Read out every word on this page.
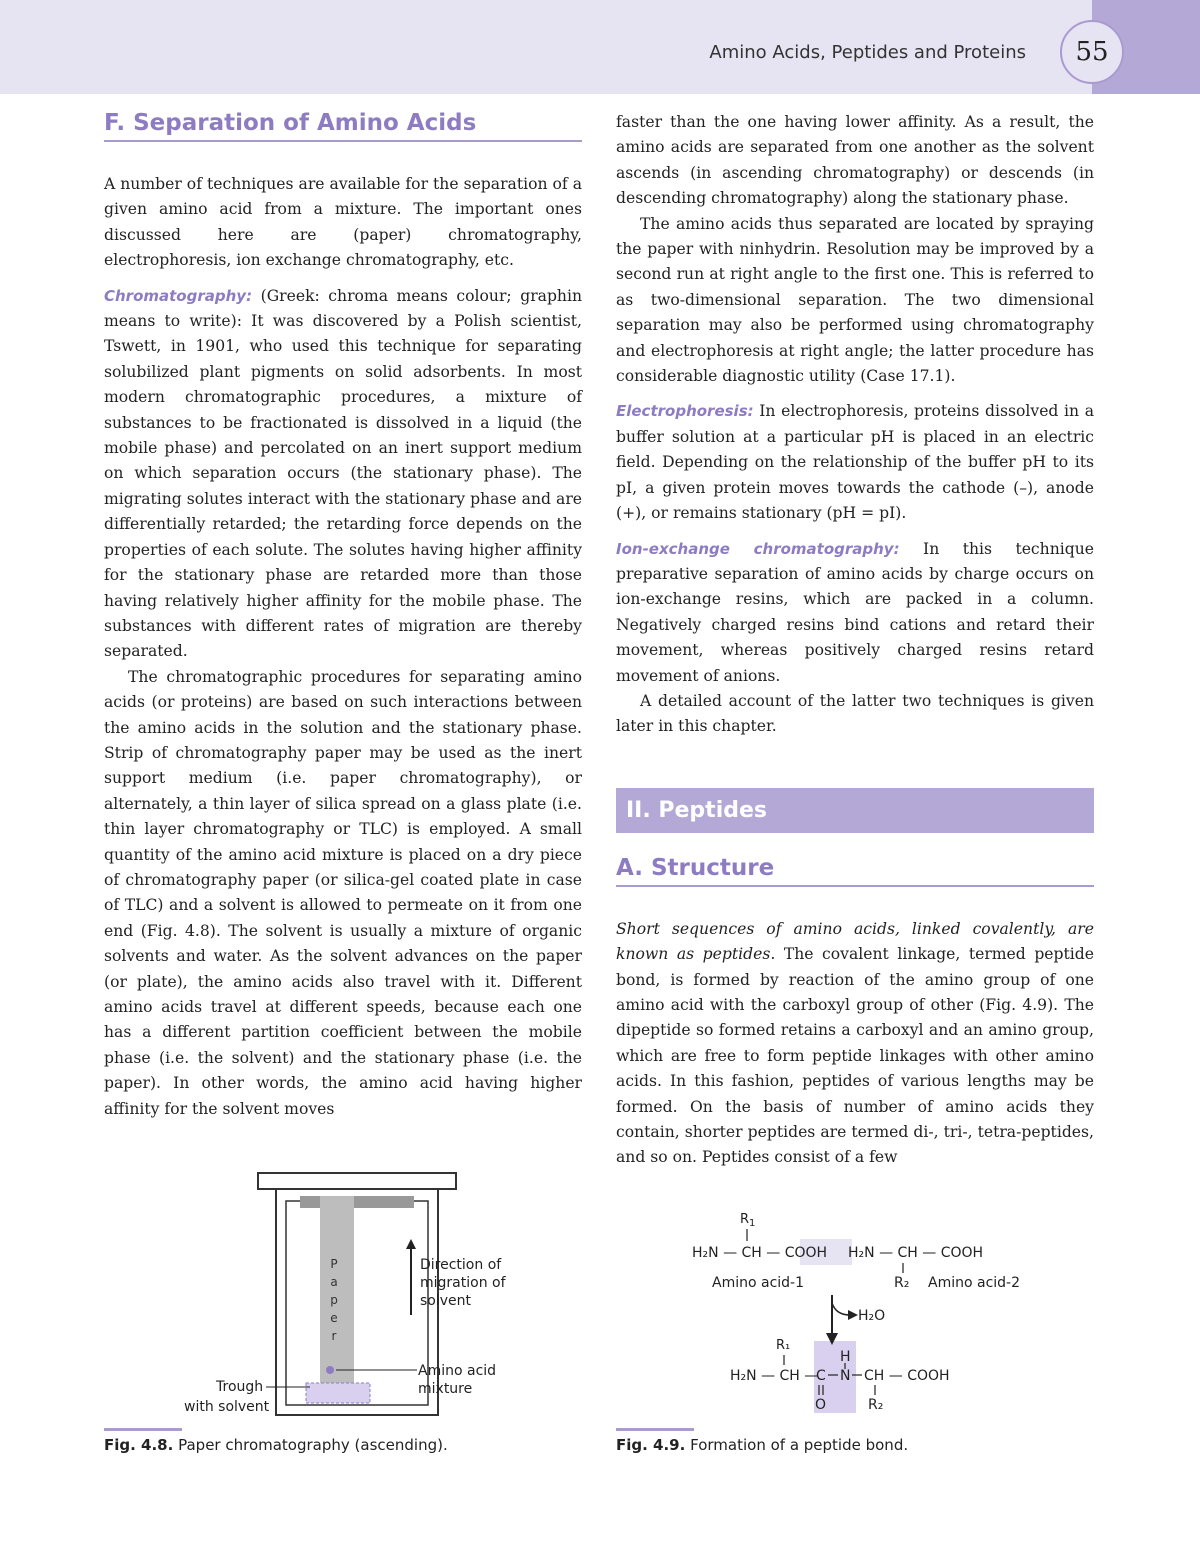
Amino Acids, Peptides and Proteins	55
F. Separation of Amino Acids

A number of techniques are available for the separation of a given amino acid from a mixture. The important ones discussed here are (paper) chromatography, electrophoresis, ion exchange chromatography, etc.

Chromatography: (Greek: chroma means colour; graphin means to write): It was discovered by a Polish scientist, Tswett, in 1901, who used this technique for separating solubilized plant pigments on solid adsorbents. In most modern chromatographic procedures, a mixture of substances to be fractionated is dissolved in a liquid (the mobile phase) and percolated on an inert support medium on which separation occurs (the stationary phase). The migrating solutes interact with the stationary phase and are differentially retarded; the retarding force depends on the properties of each solute. The solutes having higher affinity for the stationary phase are retarded more than those having relatively higher affinity for the mobile phase. The substances with different rates of migration are thereby separated.

The chromatographic procedures for separating amino acids (or proteins) are based on such interactions between the amino acids in the solution and the stationary phase. Strip of chromatography paper may be used as the inert support medium (i.e. paper chromatography), or alternately, a thin layer of silica spread on a glass plate (i.e. thin layer chromatography or TLC) is employed. A small quantity of the amino acid mixture is placed on a dry piece of chromatography paper (or silica-gel coated plate in case of TLC) and a solvent is allowed to permeate on it from one end (Fig. 4.8). The solvent is usually a mixture of organic solvents and water. As the solvent advances on the paper (or plate), the amino acids also travel with it. Different amino acids travel at different speeds, because each one has a different partition coefficient between the mobile phase (i.e. the solvent) and the stationary phase (i.e. the paper). In other words, the amino acid having higher affinity for the solvent moves

faster than the one having lower affinity. As a result, the amino acids are separated from one another as the solvent ascends (in ascending chromatography) or descends (in descending chromatography) along the stationary phase.

The amino acids thus separated are located by spraying the paper with ninhydrin. Resolution may be improved by a second run at right angle to the first one. This is referred to as two-dimensional separation. The two dimensional separation may also be performed using chromatography and electrophoresis at right angle; the latter procedure has considerable diagnostic utility (Case 17.1).

Electrophoresis: In electrophoresis, proteins dissolved in a buffer solution at a particular pH is placed in an electric field. Depending on the relationship of the buffer pH to its pI, a given protein moves towards the cathode (–), anode (+), or remains stationary (pH = pI).

Ion-exchange chromatography: In this technique preparative separation of amino acids by charge occurs on ion-exchange resins, which are packed in a column. Negatively charged resins bind cations and retard their movement, whereas positively charged resins retard movement of anions.

A detailed account of the latter two techniques is given later in this chapter.

II. Peptides
A. Structure

Short sequences of amino acids, linked covalently, are known as peptides. The covalent linkage, termed peptide bond, is formed by reaction of the amino group of one amino acid with the carboxyl group of other (Fig. 4.9). The dipeptide so formed retains a carboxyl and an amino group, which are free to form peptide linkages with other amino acids. In this fashion, peptides of various lengths may be formed. On the basis of number of amino acids they contain, shorter peptides are termed di-, tri-, tetra-peptides, and so on. Peptides consist of a few

P
a
p
e
r
Direction of
migration of
solvent
Amino acid
mixture
Trough
with solvent
Fig. 4.8. Paper chromatography (ascending).
$R_1$
H₂N — CH — COOH H₂N — CH — COOH
Amino acid-1	R₂ Amino acid-2
H₂O
R₁
H
H₂N — CH —
C N CH — COOH
O	R₂
Fig. 4.9. Formation of a peptide bond.
